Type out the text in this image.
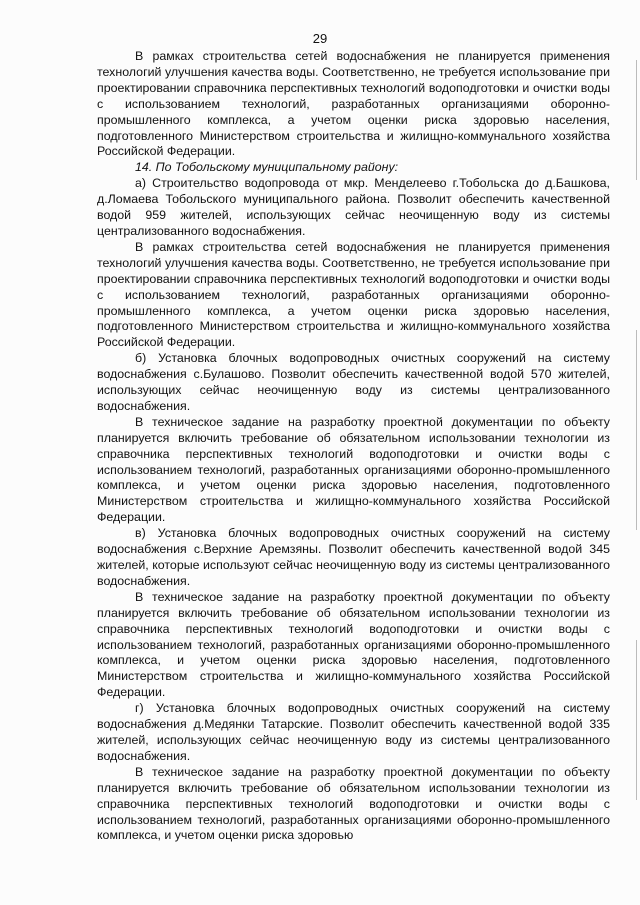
29

В рамках строительства сетей водоснабжения не планируется применения технологий улучшения качества воды. Соответственно, не требуется использование при проектировании справочника перспективных технологий водоподготовки и очистки воды с использованием технологий, разработанных организациями оборонно-промышленного комплекса, а учетом оценки риска здоровью населения, подготовленного Министерством строительства и жилищно-коммунального хозяйства Российской Федерации.

14. По Тобольскому муниципальному району:

а) Строительство водопровода от мкр. Менделеево г.Тобольска до д.Башкова, д.Ломаева Тобольского муниципального района. Позволит обеспечить качественной водой 959 жителей, использующих сейчас неочищенную воду из системы централизованного водоснабжения.

В рамках строительства сетей водоснабжения не планируется применения технологий улучшения качества воды. Соответственно, не требуется использование при проектировании справочника перспективных технологий водоподготовки и очистки воды с использованием технологий, разработанных организациями оборонно-промышленного комплекса, а учетом оценки риска здоровью населения, подготовленного Министерством строительства и жилищно-коммунального хозяйства Российской Федерации.

б) Установка блочных водопроводных очистных сооружений на систему водоснабжения с.Булашово. Позволит обеспечить качественной водой 570 жителей, использующих сейчас неочищенную воду из системы централизованного водоснабжения.

В техническое задание на разработку проектной документации по объекту планируется включить требование об обязательном использовании технологии из справочника перспективных технологий водоподготовки и очистки воды с использованием технологий, разработанных организациями оборонно-промышленного комплекса, и учетом оценки риска здоровью населения, подготовленного Министерством строительства и жилищно-коммунального хозяйства Российской Федерации.

в) Установка блочных водопроводных очистных сооружений на систему водоснабжения с.Верхние Аремзяны. Позволит обеспечить качественной водой 345 жителей, которые используют сейчас неочищенную воду из системы централизованного водоснабжения.

В техническое задание на разработку проектной документации по объекту планируется включить требование об обязательном использовании технологии из справочника перспективных технологий водоподготовки и очистки воды с использованием технологий, разработанных организациями оборонно-промышленного комплекса, и учетом оценки риска здоровью населения, подготовленного Министерством строительства и жилищно-коммунального хозяйства Российской Федерации.

г) Установка блочных водопроводных очистных сооружений на систему водоснабжения д.Медянки Татарские. Позволит обеспечить качественной водой 335 жителей, использующих сейчас неочищенную воду из системы централизованного водоснабжения.

В техническое задание на разработку проектной документации по объекту планируется включить требование об обязательном использовании технологии из справочника перспективных технологий водоподготовки и очистки воды с использованием технологий, разработанных организациями оборонно-промышленного комплекса, и учетом оценки риска здоровью
